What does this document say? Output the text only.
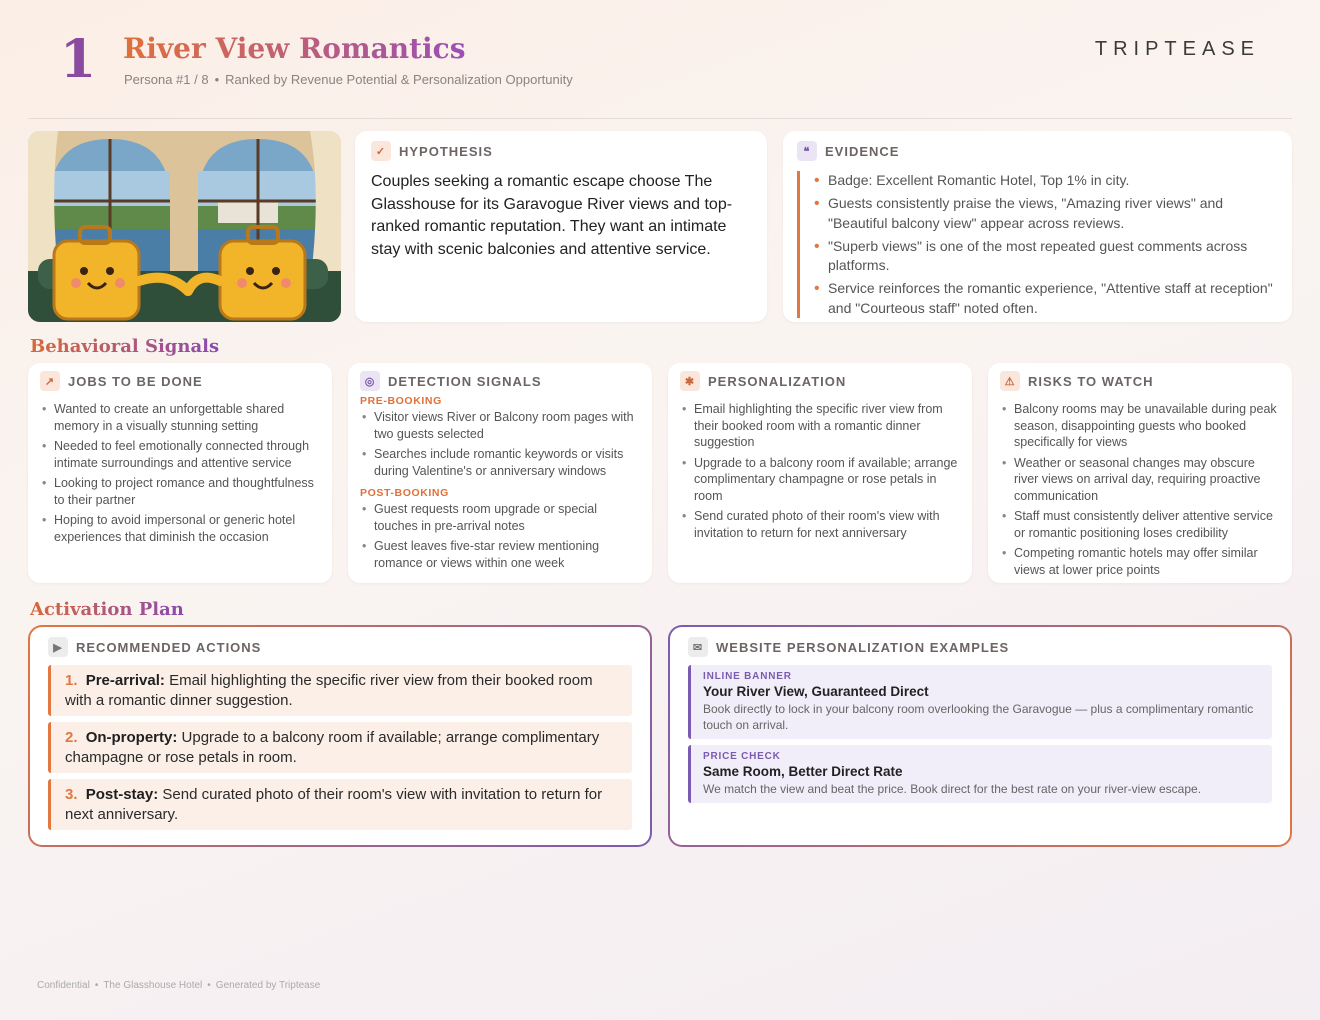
1 River View Romantics
Persona #1 / 8 • Ranked by Revenue Potential & Personalization Opportunity
TRIPTEASE
✓ HYPOTHESIS
Couples seeking a romantic escape choose The Glasshouse for its Garavogue River views and top-ranked romantic reputation. They want an intimate stay with scenic balconies and attentive service.
❝	EVIDENCE
• Badge: Excellent Romantic Hotel, Top 1% in city.
• Guests consistently praise the views, "Amazing river views" and "Beautiful balcony view" appear across reviews.
• "Superb views" is one of the most repeated guest comments across platforms.
• Service reinforces the romantic experience, "Attentive staff at reception" and "Courteous staff" noted often.
Behavioral Signals
↗ JOBS TO BE DONE
• Wanted to create an unforgettable shared memory in a visually stunning setting
• Needed to feel emotionally connected through intimate surroundings and attentive service
• Looking to project romance and thoughtfulness to their partner
• Hoping to avoid impersonal or generic hotel experiences that diminish the occasion
◎ DETECTION SIGNALS
PRE-BOOKING
• Visitor views River or Balcony room pages with two guests selected
• Searches include romantic keywords or visits during Valentine's or anniversary windows
POST-BOOKING
• Guest requests room upgrade or special touches in pre-arrival notes
• Guest leaves five-star review mentioning romance or views within one week
✱ PERSONALIZATION
• Email highlighting the specific river view from their booked room with a romantic dinner suggestion
• Upgrade to a balcony room if available; arrange complimentary champagne or rose petals in room
• Send curated photo of their room's view with invitation to return for next anniversary
⚠ RISKS TO WATCH
• Balcony rooms may be unavailable during peak season, disappointing guests who booked specifically for views
• Weather or seasonal changes may obscure river views on arrival day, requiring proactive communication
• Staff must consistently deliver attentive service or romantic positioning loses credibility
• Competing romantic hotels may offer similar views at lower price points
Activation Plan
▶	RECOMMENDED ACTIONS
1. Pre-arrival: Email highlighting the specific river view from their booked room with a romantic dinner suggestion.
2. On-property: Upgrade to a balcony room if available; arrange complimentary champagne or rose petals in room.
3. Post-stay: Send curated photo of their room's view with invitation to return for next anniversary.
✉ WEBSITE PERSONALIZATION EXAMPLES
INLINE BANNER
Your River View, Guaranteed Direct
Book directly to lock in your balcony room overlooking the Garavogue — plus a complimentary romantic touch on arrival.
PRICE CHECK
Same Room, Better Direct Rate
We match the view and beat the price. Book direct for the best rate on your river-view escape.
Confidential • The Glasshouse Hotel • Generated by Triptease
